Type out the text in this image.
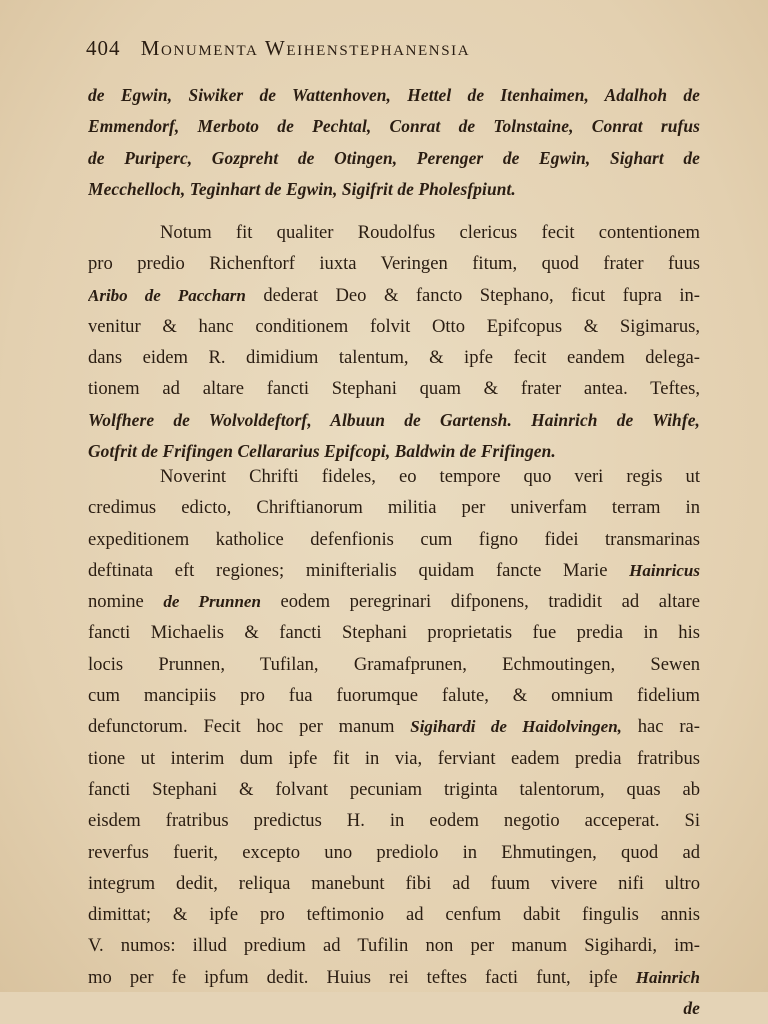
404 Monumenta Weihenstephanensia
de Egwin, Siwiker de Wattenhoven, Hettel de Itenhaimen, Adalhoh de
Emmendorf, Merboto de Pechtal, Conrat de Tolnstaine, Conrat rufus
de Puriperc, Gozpreht de Otingen, Perenger de Egwin, Sighart de
Mecchelloch, Teginhart de Egwin, Sigifrit de Pholesfpiunt.
Notum fit qualiter Roudolfus clericus fecit contentionem
pro predio Richenftorf iuxta Veringen fitum, quod frater fuus
Aribo de Paccharn dederat Deo & fancto Stephano, ficut fupra in-
venitur & hanc conditionem folvit Otto Epifcopus & Sigimarus,
dans eidem R. dimidium talentum, & ipfe fecit eandem delega-
tionem ad altare fancti Stephani quam & frater antea. Teftes,
Wolfhere de Wolvoldeftorf, Albuun de Gartensh. Hainrich de Wihfe,
Gotfrit de Frifingen Cellararius Epifcopi, Baldwin de Frifingen.
Noverint Chrifti fideles, eo tempore quo veri regis ut
credimus edicto, Chriftianorum militia per univerfam terram in
expeditionem katholice defenfionis cum figno fidei transmarinas
deftinata eft regiones; minifterialis quidam fancte Marie Hainricus
nomine de Prunnen eodem peregrinari difponens, tradidit ad altare
fancti Michaelis & fancti Stephani proprietatis fue predia in his
locis Prunnen, Tufilan, Gramafprunen, Echmoutingen, Sewen
cum mancipiis pro fua fuorumque falute, & omnium fidelium
defunctorum. Fecit hoc per manum Sigihardi de Haidolvingen, hac ra-
tione ut interim dum ipfe fit in via, ferviant eadem predia fratribus
fancti Stephani & folvant pecuniam triginta talentorum, quas ab
eisdem fratribus predictus H. in eodem negotio acceperat. Si
reverfus fuerit, excepto uno prediolo in Ehmutingen, quod ad
integrum dedit, reliqua manebunt fibi ad fuum vivere nifi ultro
dimittat; & ipfe pro teftimonio ad cenfum dabit fingulis annis
V. numos: illud predium ad Tufilin non per manum Sigihardi, im-
mo per fe ipfum dedit. Huius rei teftes facti funt, ipfe Hainrich
de
